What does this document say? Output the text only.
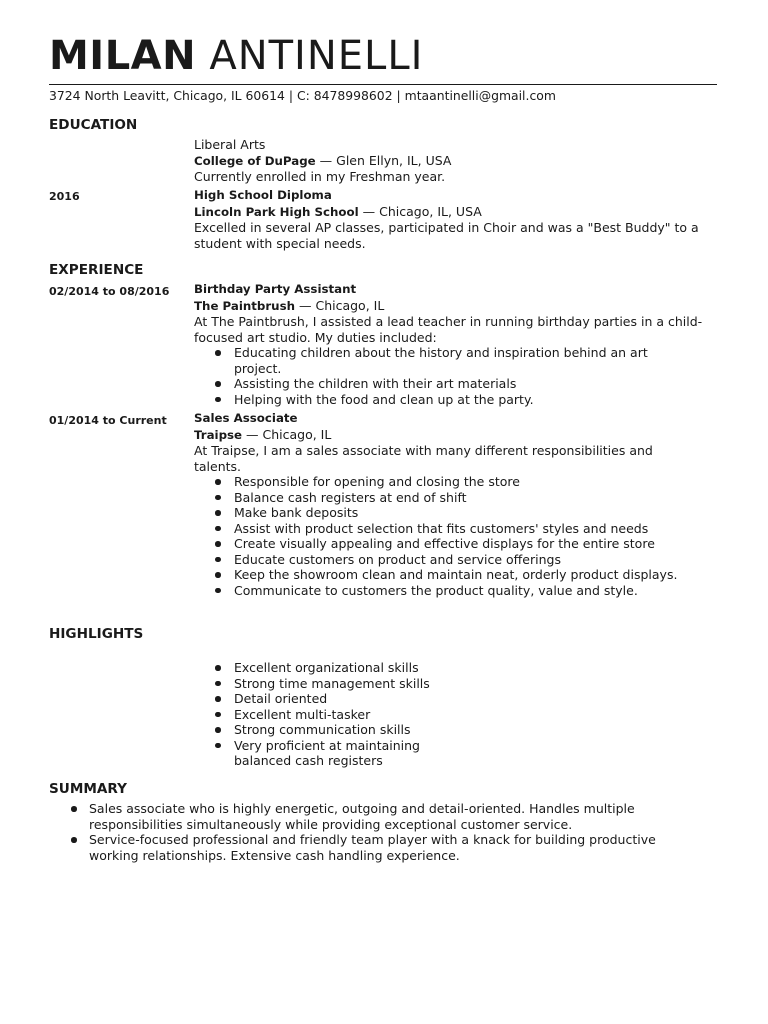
MILAN ANTINELLI
3724 North Leavitt, Chicago, IL 60614 | C: 8478998602 | mtaantinelli@gmail.com
EDUCATION
Liberal Arts
College of DuPage — Glen Ellyn, IL, USA
Currently enrolled in my Freshman year.
2016	High School Diploma
Lincoln Park High School — Chicago, IL, USA
Excelled in several AP classes, participated in Choir and was a "Best Buddy" to a student with special needs.
EXPERIENCE
02/2014 to 08/2016 Birthday Party Assistant
The Paintbrush — Chicago, IL
At The Paintbrush, I assisted a lead teacher in running birthday parties in a child-focused art studio. My duties included:
Educating children about the history and inspiration behind an art project.
Assisting the children with their art materials
Helping with the food and clean up at the party.
01/2014 to Current Sales Associate
Traipse — Chicago, IL
At Traipse, I am a sales associate with many different responsibilities and talents.
Responsible for opening and closing the store
Balance cash registers at end of shift
Make bank deposits
Assist with product selection that fits customers' styles and needs
Create visually appealing and effective displays for the entire store
Educate customers on product and service offerings
Keep the showroom clean and maintain neat, orderly product displays.
Communicate to customers the product quality, value and style.
HIGHLIGHTS
Excellent organizational skills
Strong time management skills
Detail oriented
Excellent multi-tasker
Strong communication skills
Very proficient at maintaining balanced cash registers
SUMMARY
Sales associate who is highly energetic, outgoing and detail-oriented. Handles multiple responsibilities simultaneously while providing exceptional customer service.
Service-focused professional and friendly team player with a knack for building productive working relationships. Extensive cash handling experience.
